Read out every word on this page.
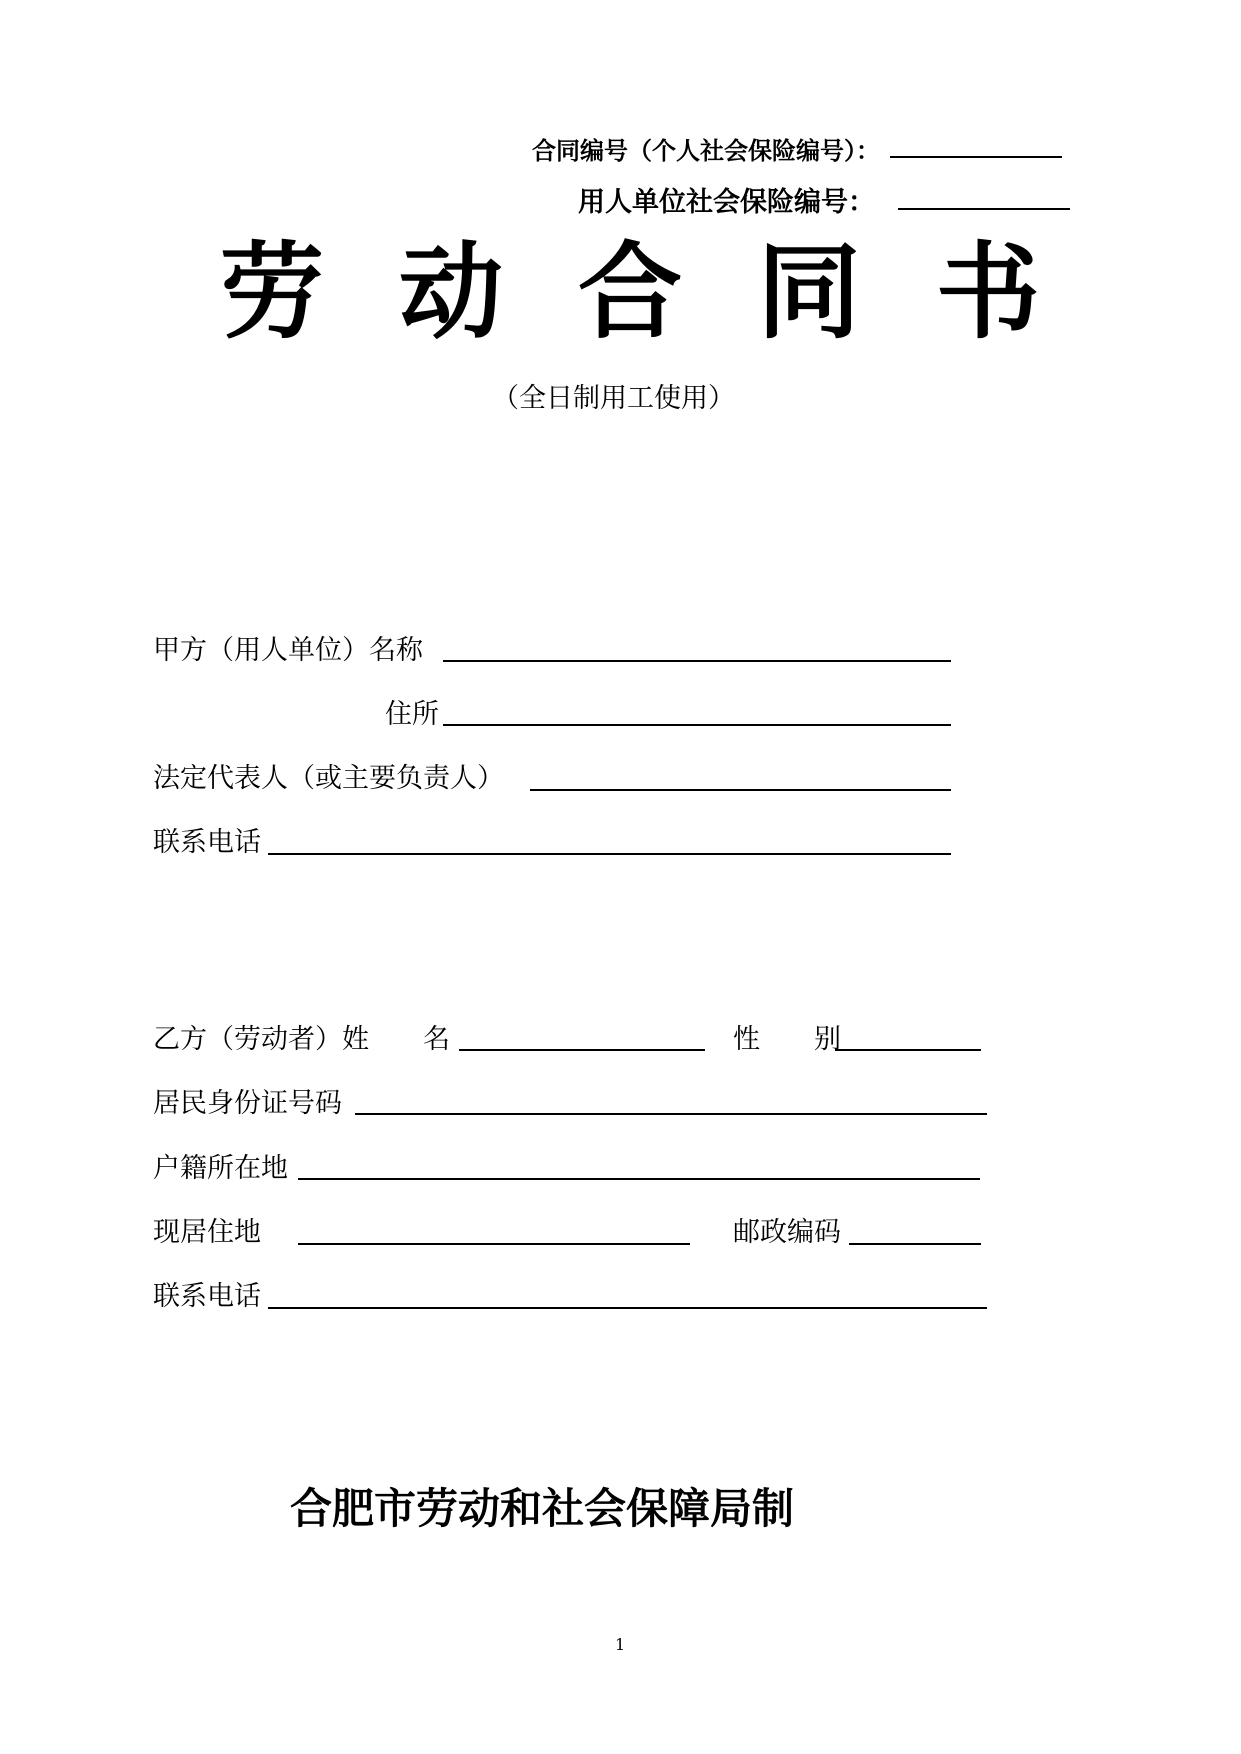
合同编号（个人社会保险编号）：
用人单位社会保险编号：
劳 动 合 同 书
（全日制用工使用）
甲方（用人单位）名称
住所
法定代表人（或主要负责人）
联系电话
乙方（劳动者）姓　　名	性　　别
居民身份证号码
户籍所在地
现居住地	邮政编码
联系电话
合肥市劳动和社会保障局制
1
